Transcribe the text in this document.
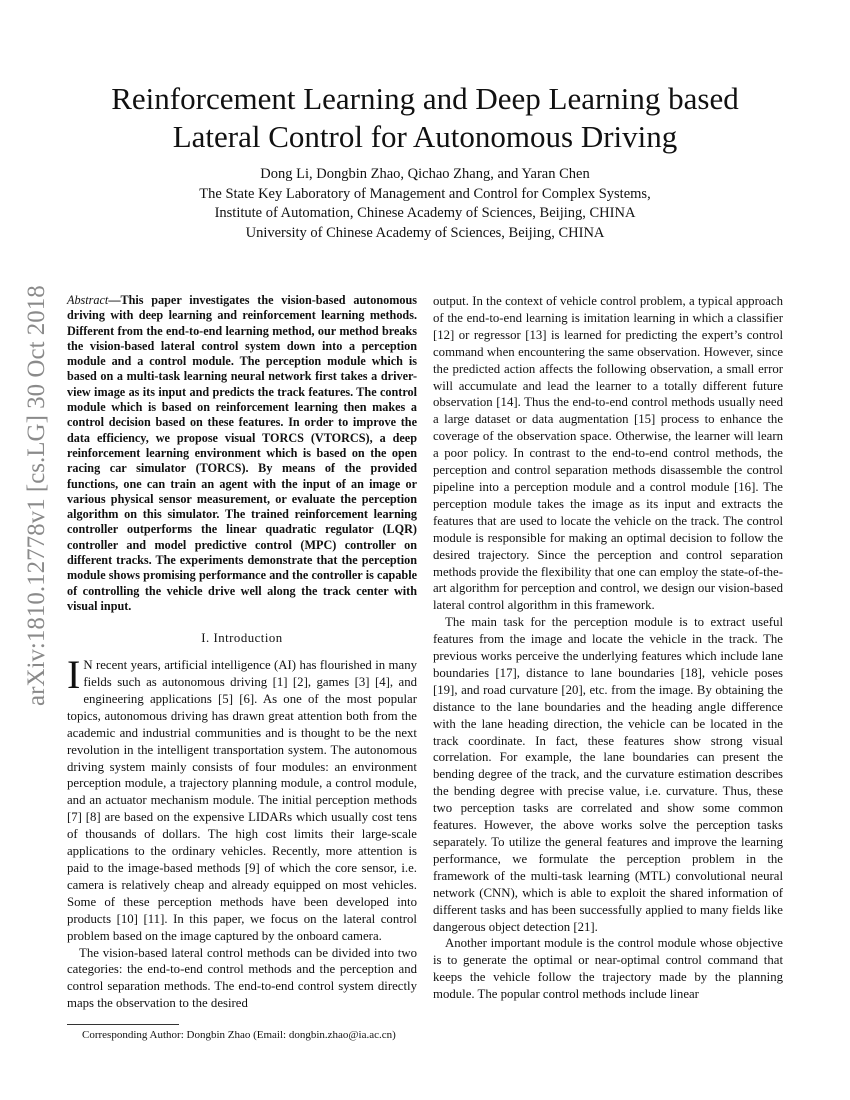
Reinforcement Learning and Deep Learning based
Lateral Control for Autonomous Driving
Dong Li, Dongbin Zhao, Qichao Zhang, and Yaran Chen
The State Key Laboratory of Management and Control for Complex Systems,
Institute of Automation, Chinese Academy of Sciences, Beijing, CHINA
University of Chinese Academy of Sciences, Beijing, CHINA
arXiv:1810.12778v1 [cs.LG] 30 Oct 2018 Abstract—This paper investigates the vision-based autonomous driving with deep learning and reinforcement learning methods. Different from the end-to-end learning method, our method breaks the vision-based lateral control system down into a perception module and a control module. The perception module which is based on a multi-task learning neural network first takes a driver-view image as its input and predicts the track features. The control module which is based on reinforcement learning then makes a control decision based on these features. In order to improve the data efficiency, we propose visual TORCS (VTORCS), a deep reinforcement learning environment which is based on the open racing car simulator (TORCS). By means of the provided functions, one can train an agent with the input of an image or various physical sensor measurement, or evaluate the perception algorithm on this simulator. The trained reinforcement learning controller outperforms the linear quadratic regulator (LQR) controller and model predictive control (MPC) controller on different tracks. The experiments demonstrate that the perception module shows promising performance and the controller is capable of controlling the vehicle drive well along the track center with visual input.

I. Introduction

I N recent years, artificial intelligence (AI) has flourished in many fields such as autonomous driving [1] [2], games [3] [4], and engineering applications [5] [6]. As one of the most popular topics, autonomous driving has drawn great attention both from the academic and industrial communities and is thought to be the next revolution in the intelligent transportation system. The autonomous driving system mainly consists of four modules: an environment perception module, a trajectory planning module, a control module, and an actuator mechanism module. The initial perception methods [7] [8] are based on the expensive LIDARs which usually cost tens of thousands of dollars. The high cost limits their large-scale applications to the ordinary vehicles. Recently, more attention is paid to the image-based methods [9] of which the core sensor, i.e. camera is relatively cheap and already equipped on most vehicles. Some of these perception methods have been developed into products [10] [11]. In this paper, we focus on the lateral control problem based on the image captured by the onboard camera.

The vision-based lateral control methods can be divided into two categories: the end-to-end control methods and the perception and control separation methods. The end-to-end control system directly maps the observation to the desired

output. In the context of vehicle control problem, a typical approach of the end-to-end learning is imitation learning in which a classifier [12] or regressor [13] is learned for predicting the expert’s control command when encountering the same observation. However, since the predicted action affects the following observation, a small error will accumulate and lead the learner to a totally different future observation [14]. Thus the end-to-end control methods usually need a large dataset or data augmentation [15] process to enhance the coverage of the observation space. Otherwise, the learner will learn a poor policy. In contrast to the end-to-end control methods, the perception and control separation methods disassemble the control pipeline into a perception module and a control module [16]. The perception module takes the image as its input and extracts the features that are used to locate the vehicle on the track. The control module is responsible for making an optimal decision to follow the desired trajectory. Since the perception and control separation methods provide the flexibility that one can employ the state-of-the-art algorithm for perception and control, we design our vision-based lateral control algorithm in this framework.

The main task for the perception module is to extract useful features from the image and locate the vehicle in the track. The previous works perceive the underlying features which include lane boundaries [17], distance to lane boundaries [18], vehicle poses [19], and road curvature [20], etc. from the image. By obtaining the distance to the lane boundaries and the heading angle difference with the lane heading direction, the vehicle can be located in the track coordinate. In fact, these features show strong visual correlation. For example, the lane boundaries can present the bending degree of the track, and the curvature estimation describes the bending degree with precise value, i.e. curvature. Thus, these two perception tasks are correlated and show some common features. However, the above works solve the perception tasks separately. To utilize the general features and improve the learning performance, we formulate the perception problem in the framework of the multi-task learning (MTL) convolutional neural network (CNN), which is able to exploit the shared information of different tasks and has been successfully applied to many fields like dangerous object detection [21].

Another important module is the control module whose objective is to generate the optimal or near-optimal control command that keeps the vehicle follow the trajectory made by the planning module. The popular control methods include linear

Corresponding Author: Dongbin Zhao (Email: dongbin.zhao@ia.ac.cn)
